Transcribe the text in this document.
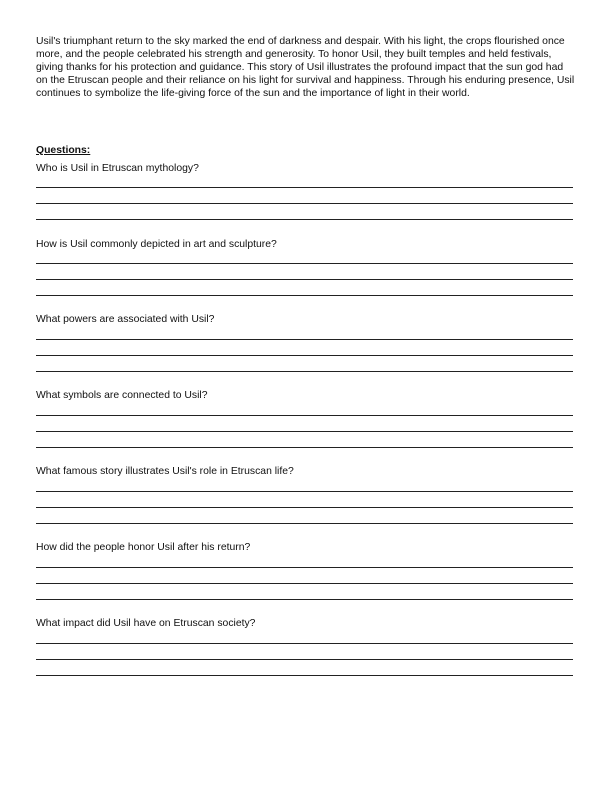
Usil's triumphant return to the sky marked the end of darkness and despair. With his light, the crops flourished once more, and the people celebrated his strength and generosity. To honor Usil, they built temples and held festivals, giving thanks for his protection and guidance. This story of Usil illustrates the profound impact that the sun god had on the Etruscan people and their reliance on his light for survival and happiness. Through his enduring presence, Usil continues to symbolize the life-giving force of the sun and the importance of light in their world.

Questions:

Who is Usil in Etruscan mythology?

How is Usil commonly depicted in art and sculpture?

What powers are associated with Usil?

What symbols are connected to Usil?

What famous story illustrates Usil's role in Etruscan life?

How did the people honor Usil after his return?

What impact did Usil have on Etruscan society?
